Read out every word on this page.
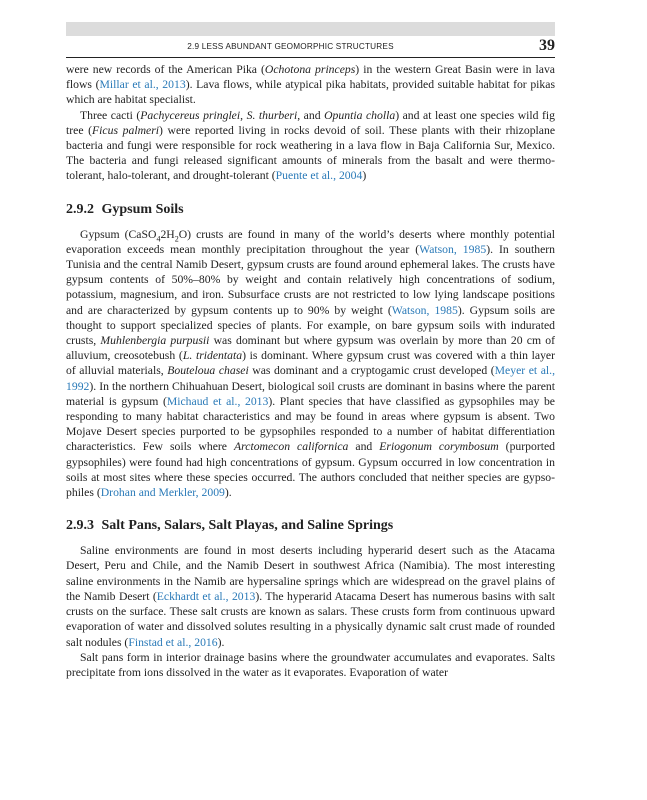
2.9 LESS ABUNDANT GEOMORPHIC STRUCTURES	39

were new records of the American Pika (Ochotona princeps) in the western Great Basin were in lava flows (Millar et al., 2013). Lava flows, while atypical pika habitats, provided suitable habitat for pikas which are habitat specialist.

Three cacti (Pachycereus pringlei, S. thurberi, and Opuntia cholla) and at least one species wild fig tree (Ficus palmeri) were reported living in rocks devoid of soil. These plants with their rhizoplane bacteria and fungi were responsible for rock weathering in a lava flow in Baja California Sur, Mexico. The bacteria and fungi released significant amounts of minerals from the basalt and were thermo-tolerant, halo-tolerant, and drought-tolerant (Puente et al., 2004)

2.9.2 Gypsum Soils

Gypsum $(CaSO_42H_2O)$ crusts are found in many of the world’s deserts where monthly potential evaporation exceeds mean monthly precipitation throughout the year (Watson, 1985). In southern Tunisia and the central Namib Desert, gypsum crusts are found around ephemeral lakes. The crusts have gypsum contents of 50%–80% by weight and contain relatively high concentrations of sodium, potassium, magnesium, and iron. Subsurface crusts are not restricted to low lying landscape positions and are characterized by gypsum contents up to 90% by weight (Watson, 1985). Gypsum soils are thought to support specialized species of plants. For example, on bare gypsum soils with indurated crusts, Muhlenbergia purpusii was dominant but where gypsum was overlain by more than 20 cm of alluvium, creosotebush (L. tridentata) is dominant. Where gypsum crust was covered with a thin layer of alluvial materials, Bouteloua chasei was dominant and a cryptogamic crust developed (Meyer et al., 1992). In the northern Chihuahuan Desert, biological soil crusts are dominant in basins where the parent material is gypsum (Michaud et al., 2013). Plant species that have classified as gypsophiles may be responding to many habitat characteristics and may be found in areas where gypsum is absent. Two Mojave Desert species purported to be gypsophiles responded to a number of habitat differentiation characteristics. Few soils where Arctomecon californica and Eriogonum corymbosum (purported gypsophiles) were found had high concentrations of gypsum. Gypsum occurred in low concentration in soils at most sites where these species occurred. The authors concluded that neither species are gypsophiles (Drohan and Merkler, 2009).

2.9.3 Salt Pans, Salars, Salt Playas, and Saline Springs

Saline environments are found in most deserts including hyperarid desert such as the Atacama Desert, Peru and Chile, and the Namib Desert in southwest Africa (Namibia). The most interesting saline environments in the Namib are hypersaline springs which are widespread on the gravel plains of the Namib Desert (Eckhardt et al., 2013). The hyperarid Atacama Desert has numerous basins with salt crusts on the surface. These salt crusts are known as salars. These crusts form from continuous upward evaporation of water and dissolved solutes resulting in a physically dynamic salt crust made of rounded salt nodules (Finstad et al., 2016).

Salt pans form in interior drainage basins where the groundwater accumulates and evaporates. Salts precipitate from ions dissolved in the water as it evaporates. Evaporation of water
